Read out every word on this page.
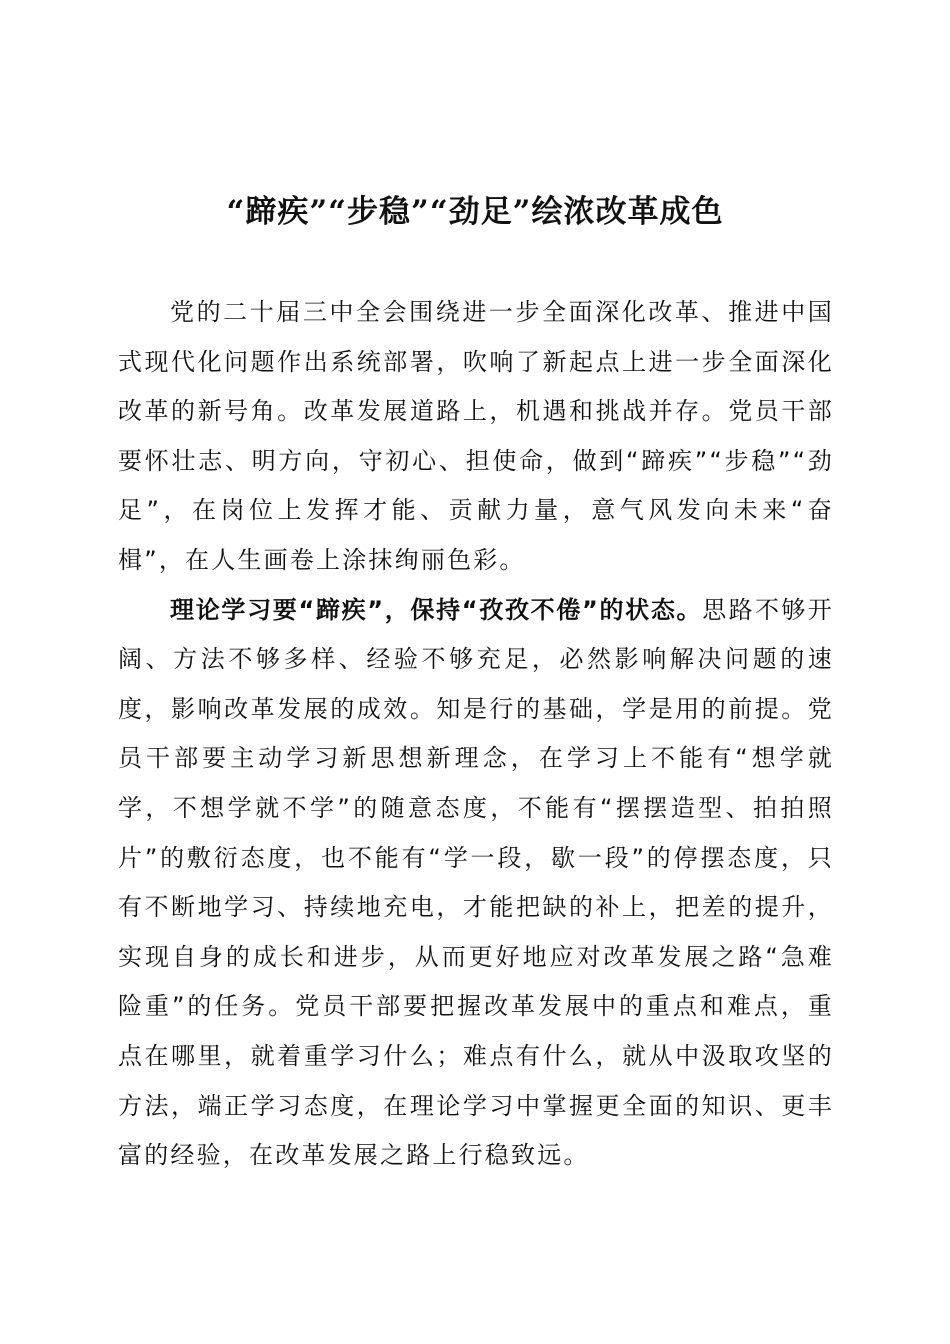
“蹄疾”“步稳”“劲足”绘浓改革成色

党的二十届三中全会围绕进一步全面深化改革、推进中国式现代化问题作出系统部署，吹响了新起点上进一步全面深化改革的新号角。改革发展道路上，机遇和挑战并存。党员干部要怀壮志、明方向，守初心、担使命，做到“蹄疾”“步稳”“劲足”，在岗位上发挥才能、贡献力量，意气风发向未来“奋楫”，在人生画卷上涂抹绚丽色彩。

理论学习要“蹄疾”，保持“孜孜不倦”的状态。思路不够开阔、方法不够多样、经验不够充足，必然影响解决问题的速度，影响改革发展的成效。知是行的基础，学是用的前提。党员干部要主动学习新思想新理念，在学习上不能有“想学就学，不想学就不学”的随意态度，不能有“摆摆造型、拍拍照片”的敷衍态度，也不能有“学一段，歇一段”的停摆态度，只有不断地学习、持续地充电，才能把缺的补上，把差的提升，实现自身的成长和进步，从而更好地应对改革发展之路“急难险重”的任务。党员干部要把握改革发展中的重点和难点，重点在哪里，就着重学习什么；难点有什么，就从中汲取攻坚的方法，端正学习态度，在理论学习中掌握更全面的知识、更丰富的经验，在改革发展之路上行稳致远。
